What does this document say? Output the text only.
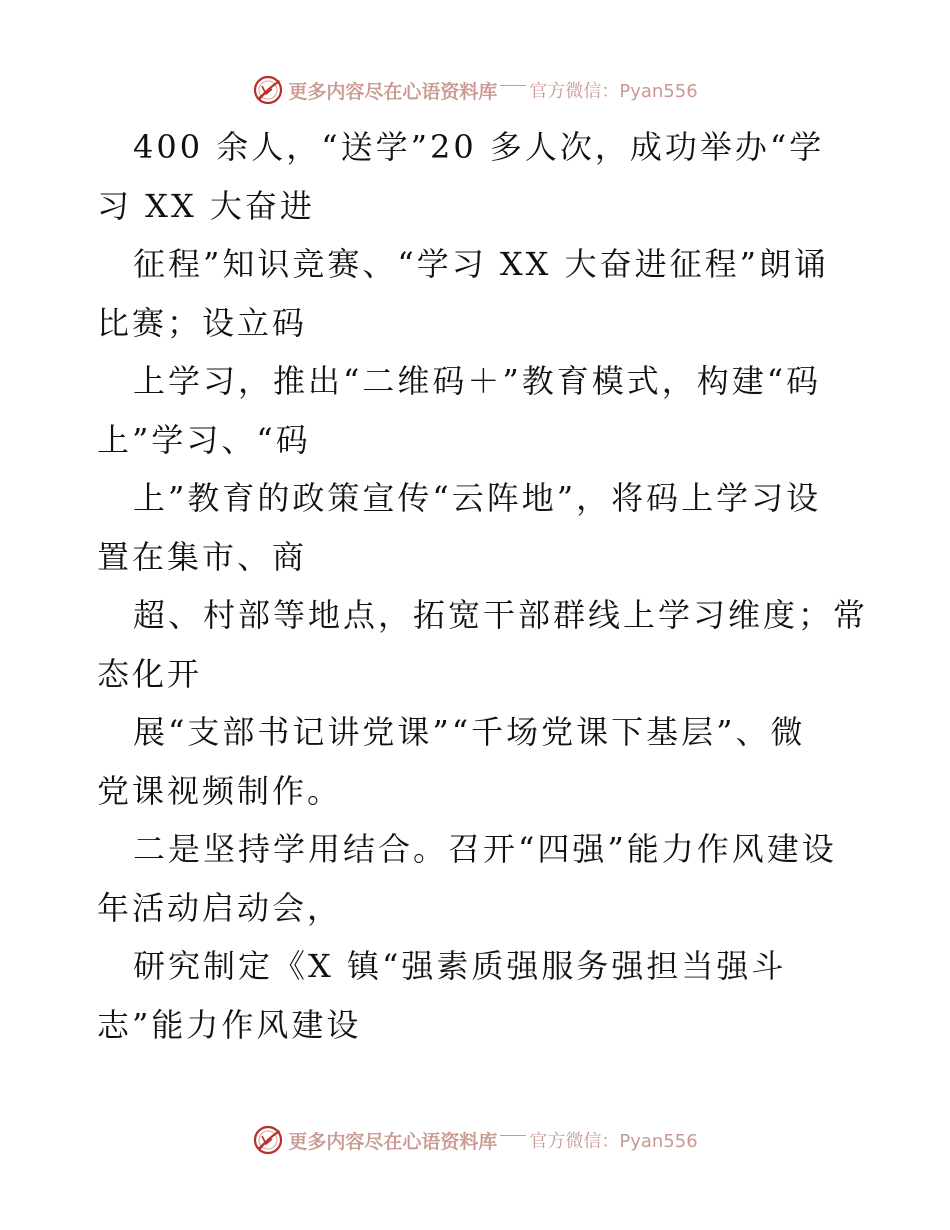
更多内容尽在心语资料库 官方微信：Pyan556
400 余人，“送学”20 多人次，成功举办“学
习 XX 大奋进
征程”知识竞赛、“学习 XX 大奋进征程”朗诵
比赛；设立码
上学习，推出“二维码＋”教育模式，构建“码
上”学习、“码
上”教育的政策宣传“云阵地”，将码上学习设
置在集市、商
超、村部等地点，拓宽干部群线上学习维度；常
态化开
展“支部书记讲党课”“千场党课下基层”、微
党课视频制作。
二是坚持学用结合。召开“四强”能力作风建设
年活动启动会，
研究制定《X 镇“强素质强服务强担当强斗
志”能力作风建设
更多内容尽在心语资料库 官方微信：Pyan556
